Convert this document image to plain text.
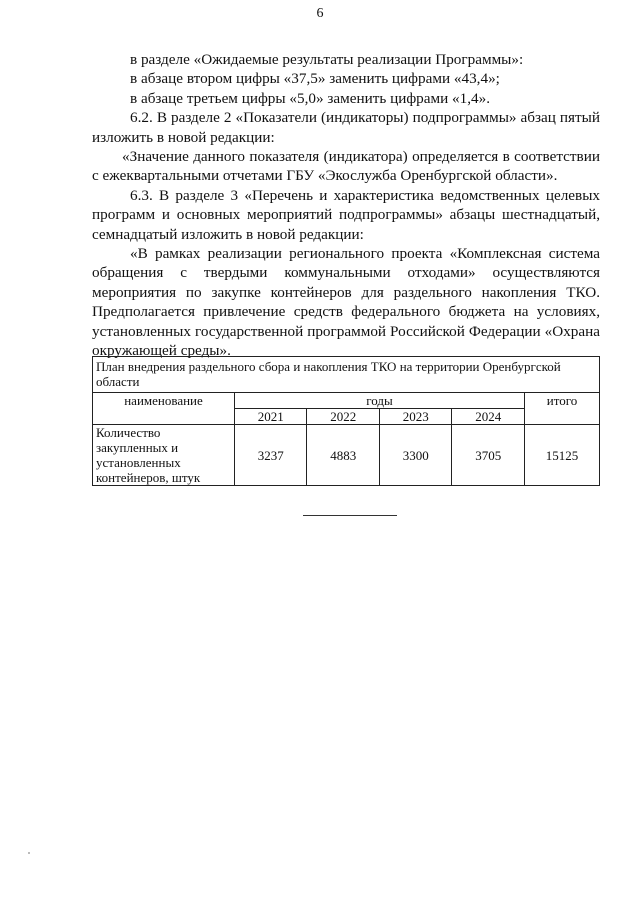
6

в разделе «Ожидаемые результаты реализации Программы»:

в абзаце втором цифры «37,5» заменить цифрами «43,4»;

в абзаце третьем цифры «5,0» заменить цифрами «1,4».

6.2. В разделе 2 «Показатели (индикаторы) подпрограммы» абзац пятый изложить в новой редакции:

«Значение данного показателя (индикатора) определяется в соответствии с ежеквартальными отчетами ГБУ «Экослужба Оренбургской области».

6.3. В разделе 3 «Перечень и характеристика ведомственных целевых программ и основных мероприятий подпрограммы» абзацы шестнадцатый, семнадцатый изложить в новой редакции:

«В рамках реализации регионального проекта «Комплексная система обращения с твердыми коммунальными отходами» осуществляются мероприятия по закупке контейнеров для раздельного накопления ТКО. Предполагается привлечение средств федерального бюджета на условиях, установленных государственной программой Российской Федерации «Охрана окружающей среды».

План внедрения раздельного сбора и накопления ТКО на территории Оренбургской области					
наименование	годы				итого
	2021	2022	2023	2024	
Количество закупленных и установленных контейнеров, штук	3237	4883	3300	3705	15125
